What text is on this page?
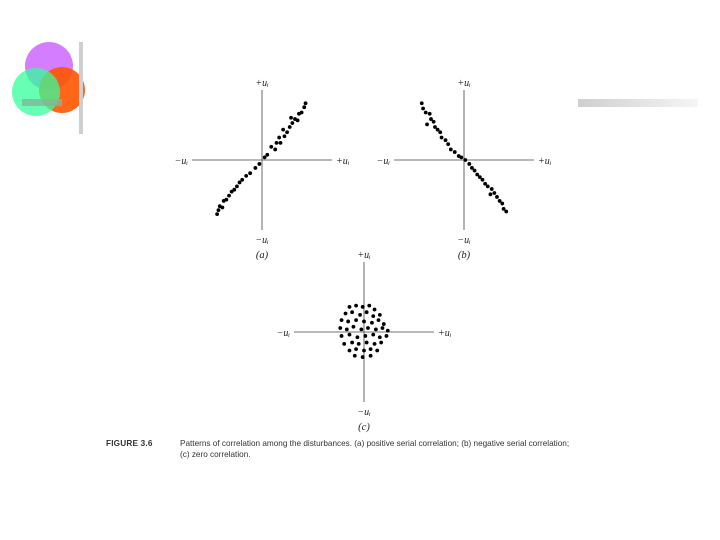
+uᵢ
−uᵢ
−uᵢ	+uᵢ
(a)
+uᵢ
−uᵢ
−uᵢ	+uᵢ
(b)
+uᵢ
−uᵢ
−uᵢ	+uᵢ
(c)
FIGURE 3.6	Patterns of correlation among the disturbances. (a) positive serial correlation; (b) negative serial correlation; (c) zero correlation.
